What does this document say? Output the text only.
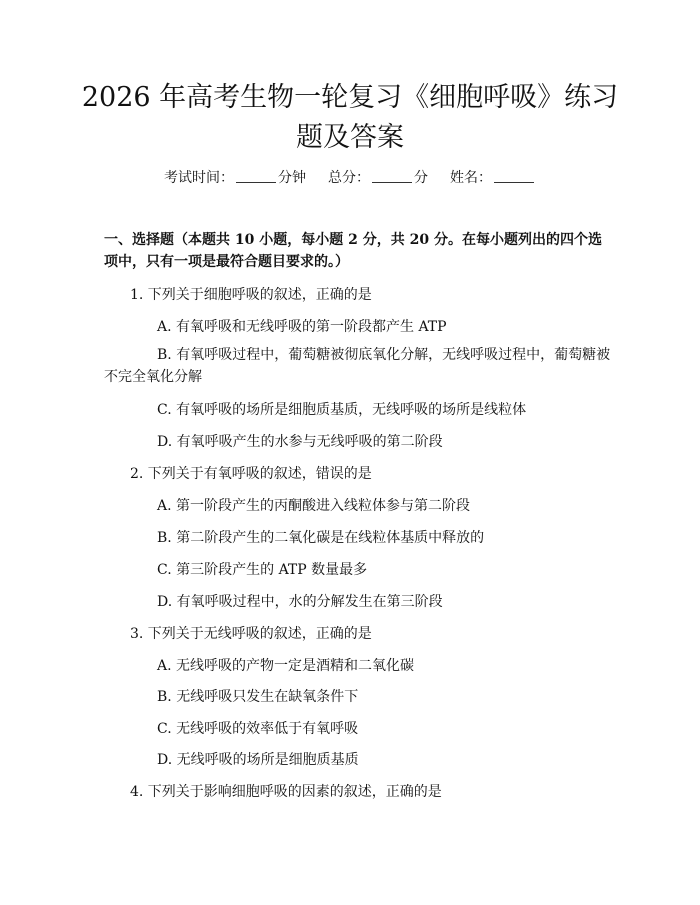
2026 年高考生物一轮复习《细胞呼吸》练习
题及答案
考试时间：	分钟 总分：	分 姓名：
一、选择题（本题共 10 小题，每小题 2 分，共 20 分。在每小题列出的四个选项中，只有一项是最符合题目要求的。）
1. 下列关于细胞呼吸的叙述，正确的是
A. 有氧呼吸和无线呼吸的第一阶段都产生 ATP
B. 有氧呼吸过程中，葡萄糖被彻底氧化分解，无线呼吸过程中，葡萄糖被不完全氧化分解
C. 有氧呼吸的场所是细胞质基质，无线呼吸的场所是线粒体
D. 有氧呼吸产生的水参与无线呼吸的第二阶段
2. 下列关于有氧呼吸的叙述，错误的是
A. 第一阶段产生的丙酮酸进入线粒体参与第二阶段
B. 第二阶段产生的二氧化碳是在线粒体基质中释放的
C. 第三阶段产生的 ATP 数量最多
D. 有氧呼吸过程中，水的分解发生在第三阶段
3. 下列关于无线呼吸的叙述，正确的是
A. 无线呼吸的产物一定是酒精和二氧化碳
B. 无线呼吸只发生在缺氧条件下
C. 无线呼吸的效率低于有氧呼吸
D. 无线呼吸的场所是细胞质基质
4. 下列关于影响细胞呼吸的因素的叙述，正确的是
